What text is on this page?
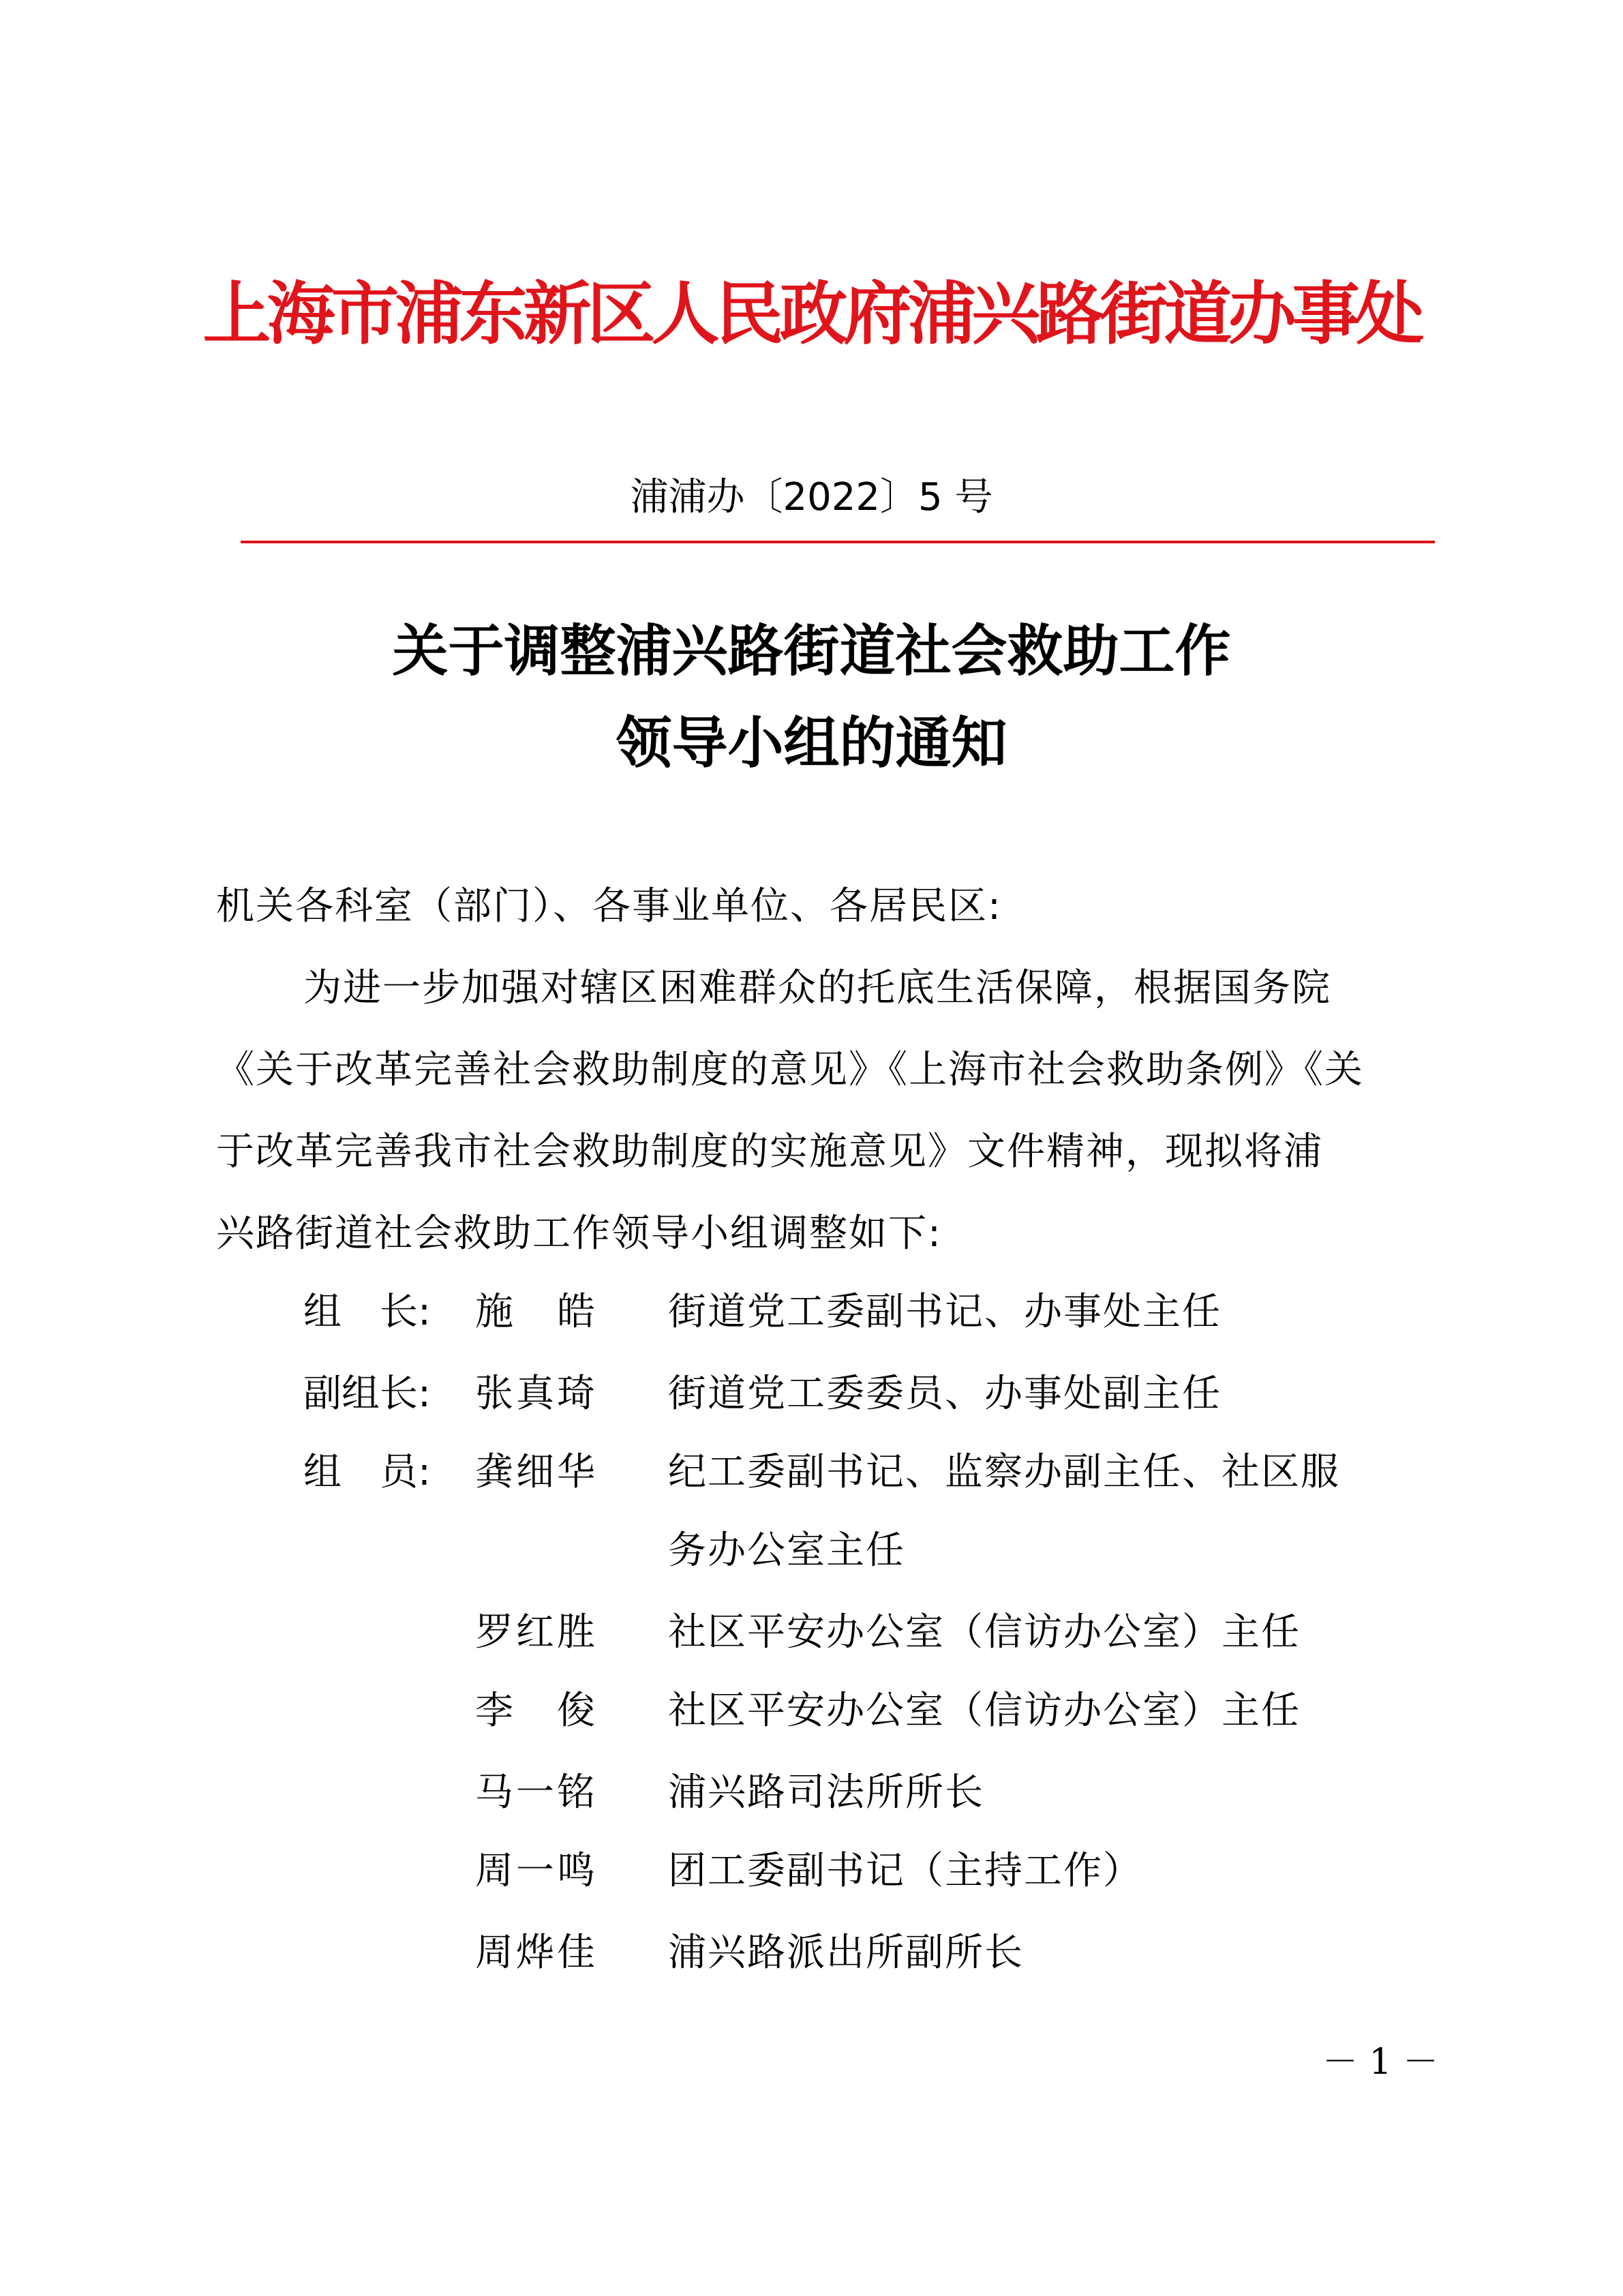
上海市浦东新区人民政府浦兴路街道办事处
浦浦办〔2022〕5 号
关于调整浦兴路街道社会救助工作
领导小组的通知
机关各科室（部门）、各事业单位、各居民区:
为进一步加强对辖区困难群众的托底生活保障，根据国务院
《关于改革完善社会救助制度的意见》《上海市社会救助条例》《关
于改革完善我市社会救助制度的实施意见》文件精神，现拟将浦
兴路街道社会救助工作领导小组调整如下:
组　长: 施　皓 街道党工委副书记、办事处主任
副组长: 张真琦 街道党工委委员、办事处副主任
组　员: 龚细华 纪工委副书记、监察办副主任、社区服
务办公室主任
罗红胜 社区平安办公室（信访办公室）主任
李　俊 社区平安办公室（信访办公室）主任
马一铭 浦兴路司法所所长
周一鸣 团工委副书记（主持工作）
周烨佳 浦兴路派出所副所长
－ 1 －
